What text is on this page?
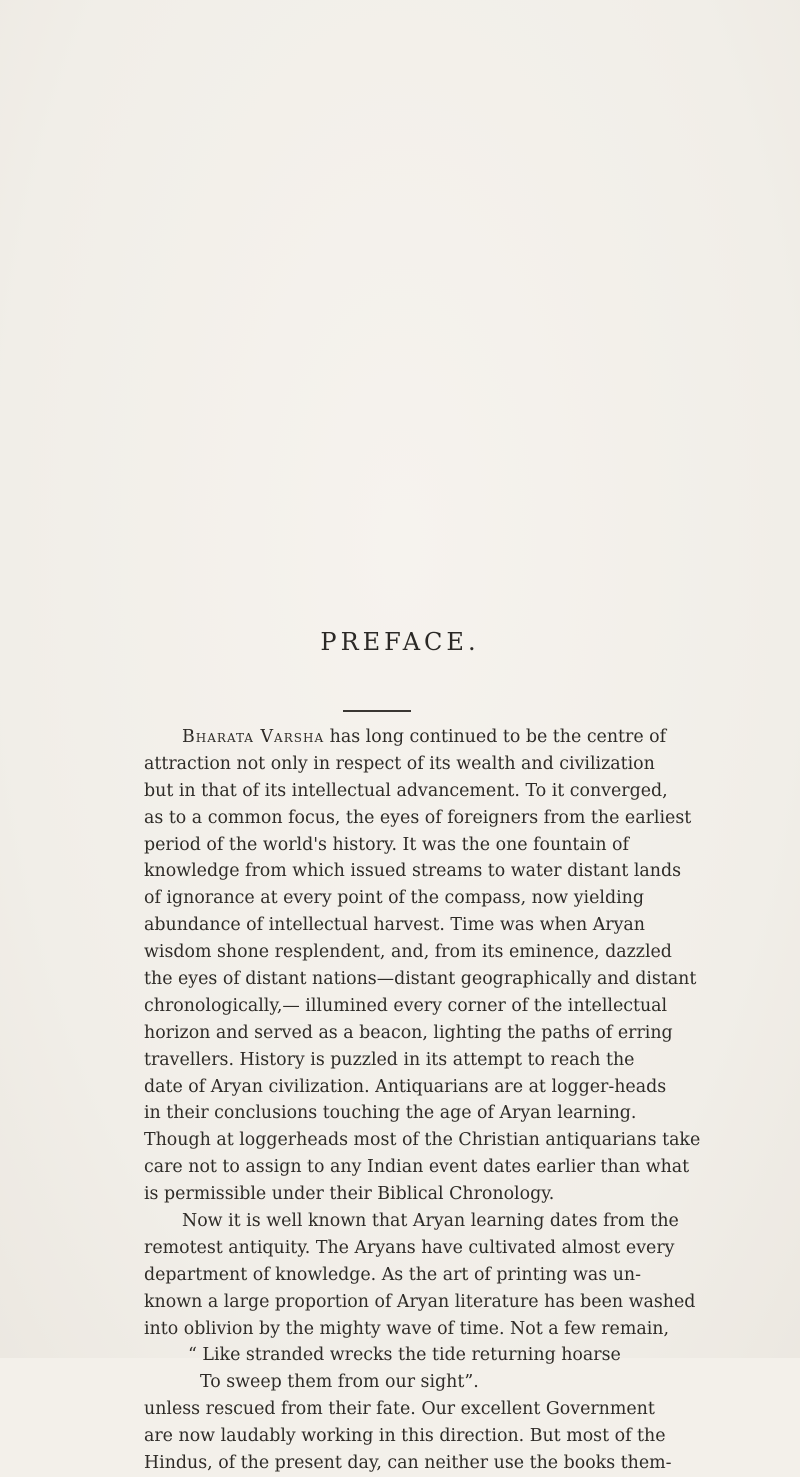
PREFACE.
Bharata Varsha has long continued to be the centre of
attraction not only in respect of its wealth and civilization
but in that of its intellectual advancement. To it converged,
as to a common focus, the eyes of foreigners from the earliest
period of the world's history. It was the one fountain of
knowledge from which issued streams to water distant lands
of ignorance at every point of the compass, now yielding
abundance of intellectual harvest. Time was when Aryan
wisdom shone resplendent, and, from its eminence, dazzled
the eyes of distant nations—distant geographically and distant
chronologically,— illumined every corner of the intellectual
horizon and served as a beacon, lighting the paths of erring
travellers. History is puzzled in its attempt to reach the
date of Aryan civilization. Antiquarians are at logger-heads
in their conclusions touching the age of Aryan learning.
Though at loggerheads most of the Christian antiquarians take
care not to assign to any Indian event dates earlier than what
is permissible under their Biblical Chronology.
Now it is well known that Aryan learning dates from the
remotest antiquity. The Aryans have cultivated almost every
department of knowledge. As the art of printing was un-
known a large proportion of Aryan literature has been washed
into oblivion by the mighty wave of time. Not a few remain,
“ Like stranded wrecks the tide returning hoarse
To sweep them from our sight”.
unless rescued from their fate. Our excellent Government
are now laudably working in this direction. But most of the
Hindus, of the present day, can neither use the books them-
